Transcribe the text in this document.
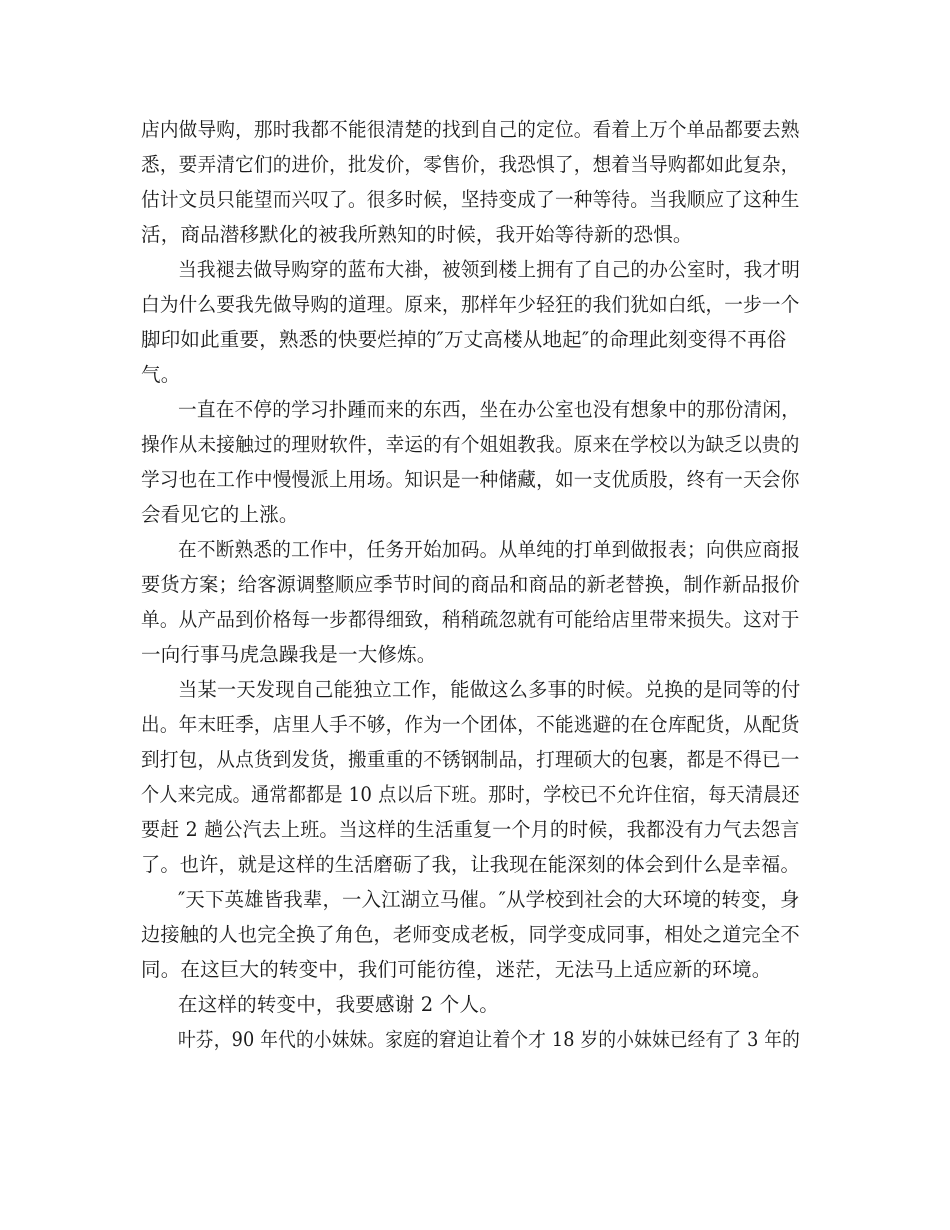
店内做导购，那时我都不能很清楚的找到自己的定位。看着上万个单品都要去熟
悉，要弄清它们的进价，批发价，零售价，我恐惧了，想着当导购都如此复杂，
估计文员只能望而兴叹了。很多时候，坚持变成了一种等待。当我顺应了这种生
活，商品潜移默化的被我所熟知的时候，我开始等待新的恐惧。
当我褪去做导购穿的蓝布大褂，被领到楼上拥有了自己的办公室时，我才明
白为什么要我先做导购的道理。原来，那样年少轻狂的我们犹如白纸，一步一个
脚印如此重要，熟悉的快要烂掉的″万丈高楼从地起″的命理此刻变得不再俗
气。
一直在不停的学习扑踵而来的东西，坐在办公室也没有想象中的那份清闲，
操作从未接触过的理财软件，幸运的有个姐姐教我。原来在学校以为缺乏以贵的
学习也在工作中慢慢派上用场。知识是一种储藏，如一支优质股，终有一天会你
会看见它的上涨。
在不断熟悉的工作中，任务开始加码。从单纯的打单到做报表；向供应商报
要货方案；给客源调整顺应季节时间的商品和商品的新老替换，制作新品报价
单。从产品到价格每一步都得细致，稍稍疏忽就有可能给店里带来损失。这对于
一向行事马虎急躁我是一大修炼。
当某一天发现自己能独立工作，能做这么多事的时候。兑换的是同等的付
出。年末旺季，店里人手不够，作为一个团体，不能逃避的在仓库配货，从配货
到打包，从点货到发货，搬重重的不锈钢制品，打理硕大的包裹，都是不得已一
个人来完成。通常都都是 10 点以后下班。那时，学校已不允许住宿，每天清晨还
要赶 2 趟公汽去上班。当这样的生活重复一个月的时候，我都没有力气去怨言
了。也许，就是这样的生活磨砺了我，让我现在能深刻的体会到什么是幸福。
″天下英雄皆我辈，一入江湖立马催。″从学校到社会的大环境的转变，身
边接触的人也完全换了角色，老师变成老板，同学变成同事，相处之道完全不
同。在这巨大的转变中，我们可能彷徨，迷茫，无法马上适应新的环境。
在这样的转变中，我要感谢 2 个人。
叶芬，90 年代的小妹妹。家庭的窘迫让着个才 18 岁的小妹妹已经有了 3 年的
